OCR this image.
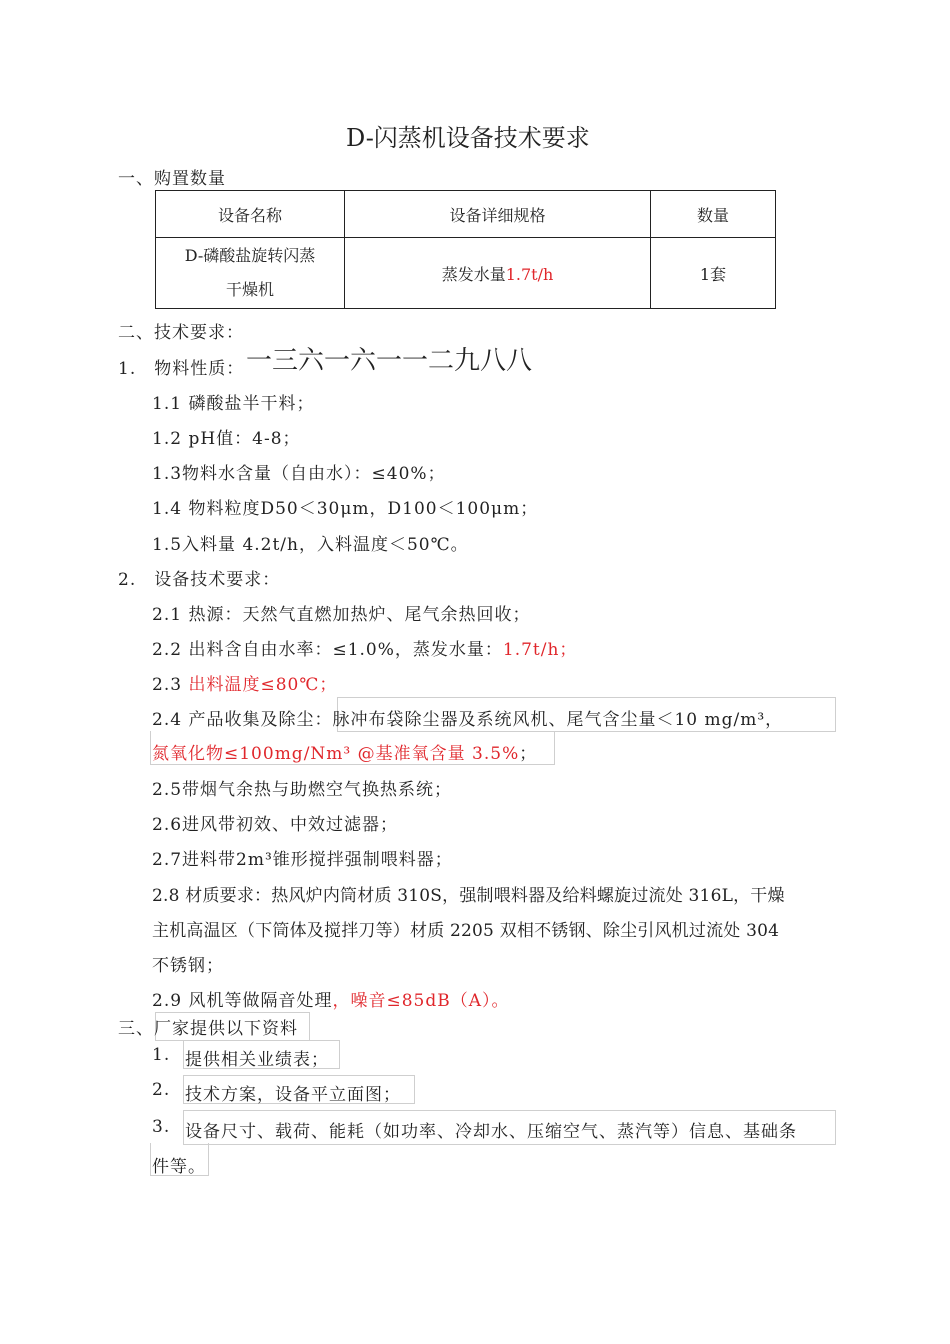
D-闪蒸机设备技术要求
一、购置数量
设备名称	设备详细规格	数量

D-磷酸盐旋转闪蒸
干燥机	蒸发水量1.7t/h	1套
二、技术要求：
1.　物料性质： 一三六一六一一二九八八
1.1 磷酸盐半干料；
1.2 pH值：4-8；
1.3物料水含量（自由水）：≤40%；
1.4 物料粒度D50＜30μm，D100＜100μm；
1.5入料量 4.2t/h，入料温度＜50℃。
2.　设备技术要求：
2.1 热源：天然气直燃加热炉、尾气余热回收；
2.2 出料含自由水率：≤1.0%，蒸发水量：1.7t/h；
2.3 出料温度≤80℃；
2.4 产品收集及除尘：脉冲布袋除尘器及系统风机、尾气含尘量＜10 mg/m³，
氮氧化物≤100mg/Nm³ @基准氧含量 3.5%；
2.5带烟气余热与助燃空气换热系统；
2.6进风带初效、中效过滤器；
2.7进料带2m³锥形搅拌强制喂料器；
2.8 材质要求：热风炉内筒材质 310S，强制喂料器及给料螺旋过流处 316L，干燥
主机高温区（下筒体及搅拌刀等）材质 2205 双相不锈钢、除尘引风机过流处 304
不锈钢；
2.9 风机等做隔音处理，噪音≤85dB（A）。
三、厂家提供以下资料
1. 提供相关业绩表；
2. 技术方案，设备平立面图；
3. 设备尺寸、载荷、能耗（如功率、冷却水、压缩空气、蒸汽等）信息、基础条
件等。
